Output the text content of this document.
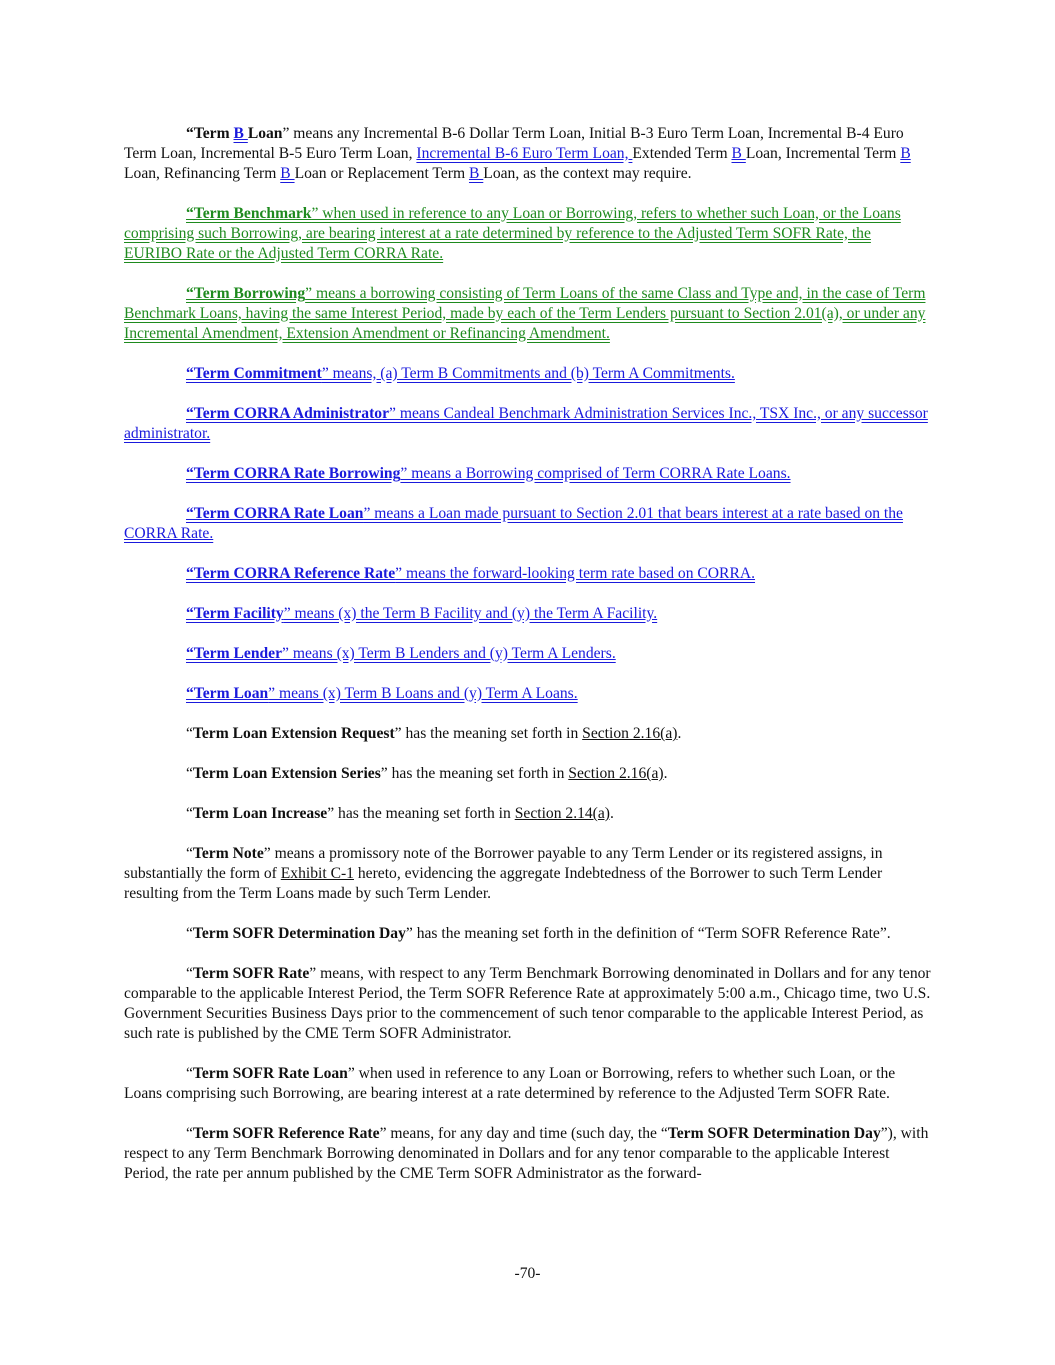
“Term B Loan” means any Incremental B-6 Dollar Term Loan, Initial B-3 Euro Term Loan, Incremental B-4 Euro Term Loan, Incremental B-5 Euro Term Loan, Incremental B-6 Euro Term Loan, Extended Term B Loan, Incremental Term B Loan, Refinancing Term B Loan or Replacement Term B Loan, as the context may require.

“Term Benchmark” when used in reference to any Loan or Borrowing, refers to whether such Loan, or the Loans comprising such Borrowing, are bearing interest at a rate determined by reference to the Adjusted Term SOFR Rate, the EURIBO Rate or the Adjusted Term CORRA Rate.

“Term Borrowing” means a borrowing consisting of Term Loans of the same Class and Type and, in the case of Term Benchmark Loans, having the same Interest Period, made by each of the Term Lenders pursuant to Section 2.01(a), or under any Incremental Amendment, Extension Amendment or Refinancing Amendment.

“Term Commitment” means, (a) Term B Commitments and (b) Term A Commitments.

“Term CORRA Administrator” means Candeal Benchmark Administration Services Inc., TSX Inc., or any successor administrator.

“Term CORRA Rate Borrowing” means a Borrowing comprised of Term CORRA Rate Loans.

“Term CORRA Rate Loan” means a Loan made pursuant to Section 2.01 that bears interest at a rate based on the CORRA Rate.

“Term CORRA Reference Rate” means the forward-looking term rate based on CORRA.

“Term Facility” means (x) the Term B Facility and (y) the Term A Facility.

“Term Lender” means (x) Term B Lenders and (y) Term A Lenders.

“Term Loan” means (x) Term B Loans and (y) Term A Loans.

“Term Loan Extension Request” has the meaning set forth in Section 2.16(a).

“Term Loan Extension Series” has the meaning set forth in Section 2.16(a).

“Term Loan Increase” has the meaning set forth in Section 2.14(a).

“Term Note” means a promissory note of the Borrower payable to any Term Lender or its registered assigns, in substantially the form of Exhibit C-1 hereto, evidencing the aggregate Indebtedness of the Borrower to such Term Lender resulting from the Term Loans made by such Term Lender.

“Term SOFR Determination Day” has the meaning set forth in the definition of “Term SOFR Reference Rate”.

“Term SOFR Rate” means, with respect to any Term Benchmark Borrowing denominated in Dollars and for any tenor comparable to the applicable Interest Period, the Term SOFR Reference Rate at approximately 5:00 a.m., Chicago time, two U.S. Government Securities Business Days prior to the commencement of such tenor comparable to the applicable Interest Period, as such rate is published by the CME Term SOFR Administrator.

“Term SOFR Rate Loan” when used in reference to any Loan or Borrowing, refers to whether such Loan, or the Loans comprising such Borrowing, are bearing interest at a rate determined by reference to the Adjusted Term SOFR Rate.

“Term SOFR Reference Rate” means, for any day and time (such day, the “Term SOFR Determination Day”), with respect to any Term Benchmark Borrowing denominated in Dollars and for any tenor comparable to the applicable Interest Period, the rate per annum published by the CME Term SOFR Administrator as the forward-

-70-
